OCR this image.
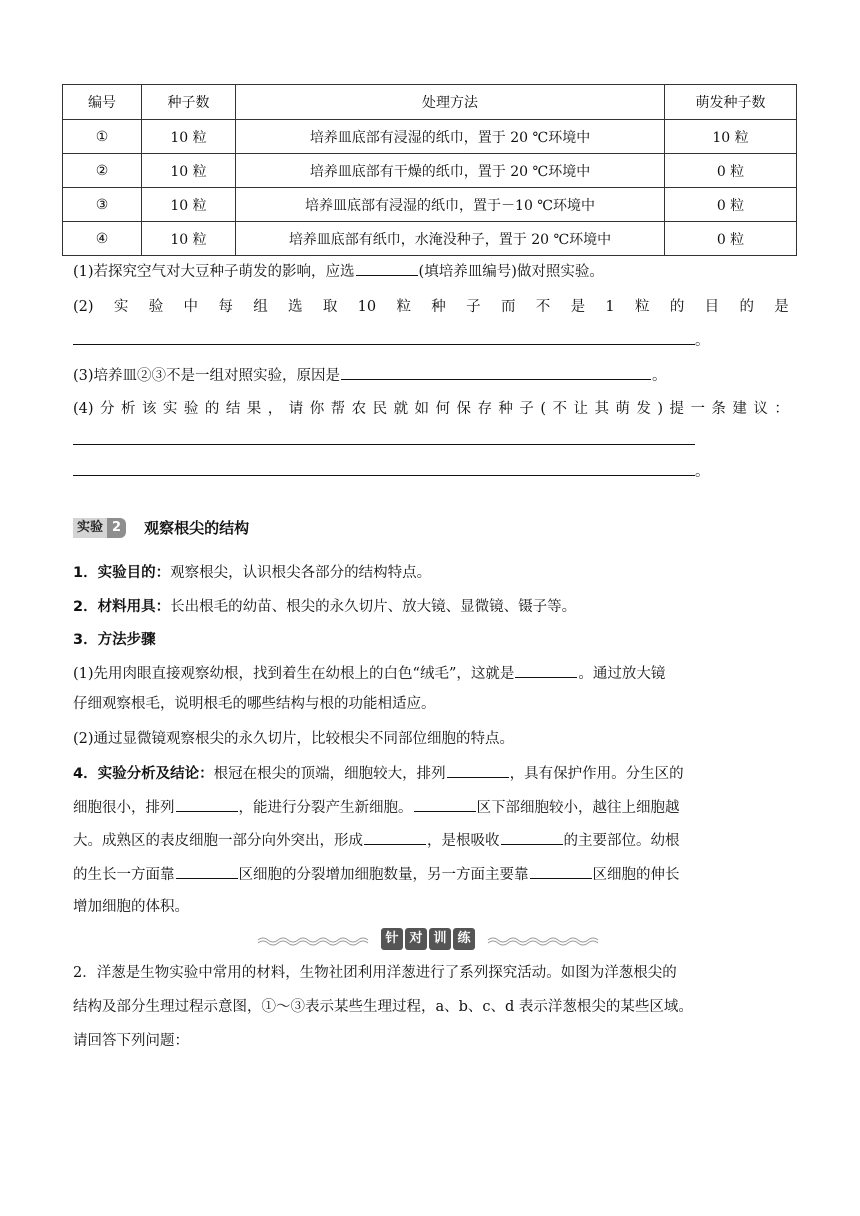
编号	种子数	处理方法	萌发种子数
①	10 粒	培养皿底部有浸湿的纸巾，置于 20 ℃环境中	10 粒
②	10 粒	培养皿底部有干燥的纸巾，置于 20 ℃环境中	0 粒
③	10 粒	培养皿底部有浸湿的纸巾，置于－10 ℃环境中	0 粒
④	10 粒	培养皿底部有纸巾，水淹没种子，置于 20 ℃环境中	0 粒
(1)若探究空气对大豆种子萌发的影响，应选	(填培养皿编号)做对照实验。
(2) 实 验 中 每 组 选 取 10 粒 种 子 而 不 是 1 粒 的 目 的 是
。
(3)培养皿②③不是一组对照实验，原因是	。
(4) 分 析 该 实 验 的 结 果 ， 请 你 帮 农 民 就 如 何 保 存 种 子 ( 不 让 其 萌 发 ) 提 一 条 建 议 ：
。
实验 2	观察根尖的结构
1．实验目的：观察根尖，认识根尖各部分的结构特点。
2．材料用具：长出根毛的幼苗、根尖的永久切片、放大镜、显微镜、镊子等。
3．方法步骤
(1)先用肉眼直接观察幼根，找到着生在幼根上的白色“绒毛”，这就是	。通过放大镜
仔细观察根毛，说明根毛的哪些结构与根的功能相适应。
(2)通过显微镜观察根尖的永久切片，比较根尖不同部位细胞的特点。
4．实验分析及结论：根冠在根尖的顶端，细胞较大，排列	，具有保护作用。分生区的
细胞很小，排列	，能进行分裂产生新细胞。	区下部细胞较小，越往上细胞越
大。成熟区的表皮细胞一部分向外突出，形成	，是根吸收	的主要部位。幼根
的生长一方面靠	区细胞的分裂增加细胞数量，另一方面主要靠	区细胞的伸长
增加细胞的体积。
针 对 训 练
2．洋葱是生物实验中常用的材料，生物社团利用洋葱进行了系列探究活动。如图为洋葱根尖的
结构及部分生理过程示意图，①～③表示某些生理过程，a、b、c、d 表示洋葱根尖的某些区域。
请回答下列问题：
